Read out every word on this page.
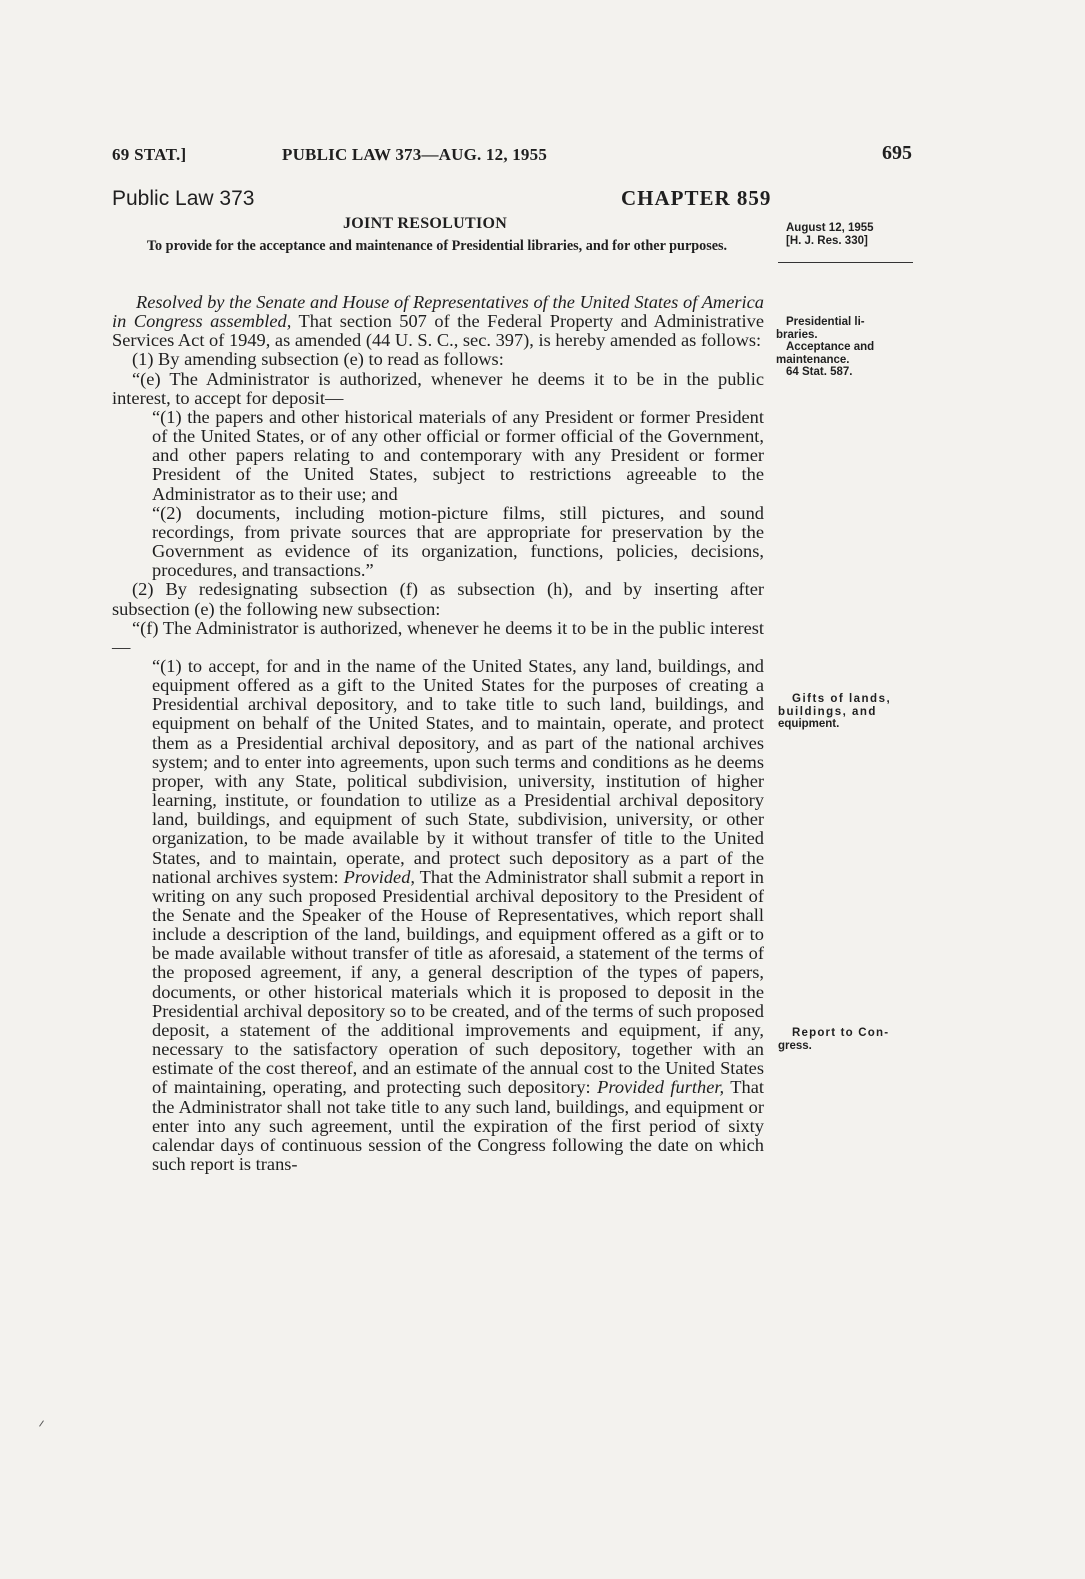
69 STAT.]	PUBLIC LAW 373—AUG. 12, 1955	695
Public Law 373	CHAPTER 859
JOINT RESOLUTION
To provide for the acceptance and maintenance of Presidential libraries, and for other purposes.
August 12, 1955
[H. J. Res. 330]
Presidential li-
braries.
Acceptance and
maintenance.
64 Stat. 587.
Gifts of lands,
buildings, and
equipment.
Report to Con-
gress.

Resolved by the Senate and House of Representatives of the United States of America in Congress assembled, That section 507 of the Federal Property and Administrative Services Act of 1949, as amended (44 U. S. C., sec. 397), is hereby amended as follows:

(1) By amending subsection (e) to read as follows:

“(e) The Administrator is authorized, whenever he deems it to be in the public interest, to accept for deposit—

“(1) the papers and other historical materials of any President or former President of the United States, or of any other official or former official of the Government, and other papers relating to and contemporary with any President or former President of the United States, subject to restrictions agreeable to the Administrator as to their use; and

“(2) documents, including motion-picture films, still pictures, and sound recordings, from private sources that are appropriate for preservation by the Government as evidence of its organization, functions, policies, decisions, procedures, and transactions.”

(2) By redesignating subsection (f) as subsection (h), and by inserting after subsection (e) the following new subsection:

“(f) The Administrator is authorized, whenever he deems it to be in the public interest—

“(1) to accept, for and in the name of the United States, any land, buildings, and equipment offered as a gift to the United States for the purposes of creating a Presidential archival depository, and to take title to such land, buildings, and equipment on behalf of the United States, and to maintain, operate, and protect them as a Presidential archival depository, and as part of the national archives system; and to enter into agreements, upon such terms and conditions as he deems proper, with any State, political subdivision, university, institution of higher learning, institute, or foundation to utilize as a Presidential archival depository land, buildings, and equipment of such State, subdivision, university, or other organization, to be made available by it without transfer of title to the United States, and to maintain, operate, and protect such depository as a part of the national archives system: Provided, That the Administrator shall submit a report in writing on any such proposed Presidential archival depository to the President of the Senate and the Speaker of the House of Representatives, which report shall include a description of the land, buildings, and equipment offered as a gift or to be made available without transfer of title as aforesaid, a statement of the terms of the proposed agreement, if any, a general description of the types of papers, documents, or other historical materials which it is proposed to deposit in the Presidential archival depository so to be created, and of the terms of such proposed deposit, a statement of the additional improvements and equipment, if any, necessary to the satisfactory operation of such depository, together with an estimate of the cost thereof, and an estimate of the annual cost to the United States of maintaining, operating, and protecting such depository: Provided further, That the Administrator shall not take title to any such land, buildings, and equipment or enter into any such agreement, until the expiration of the first period of sixty calendar days of continuous session of the Congress following the date on which such report is trans-
